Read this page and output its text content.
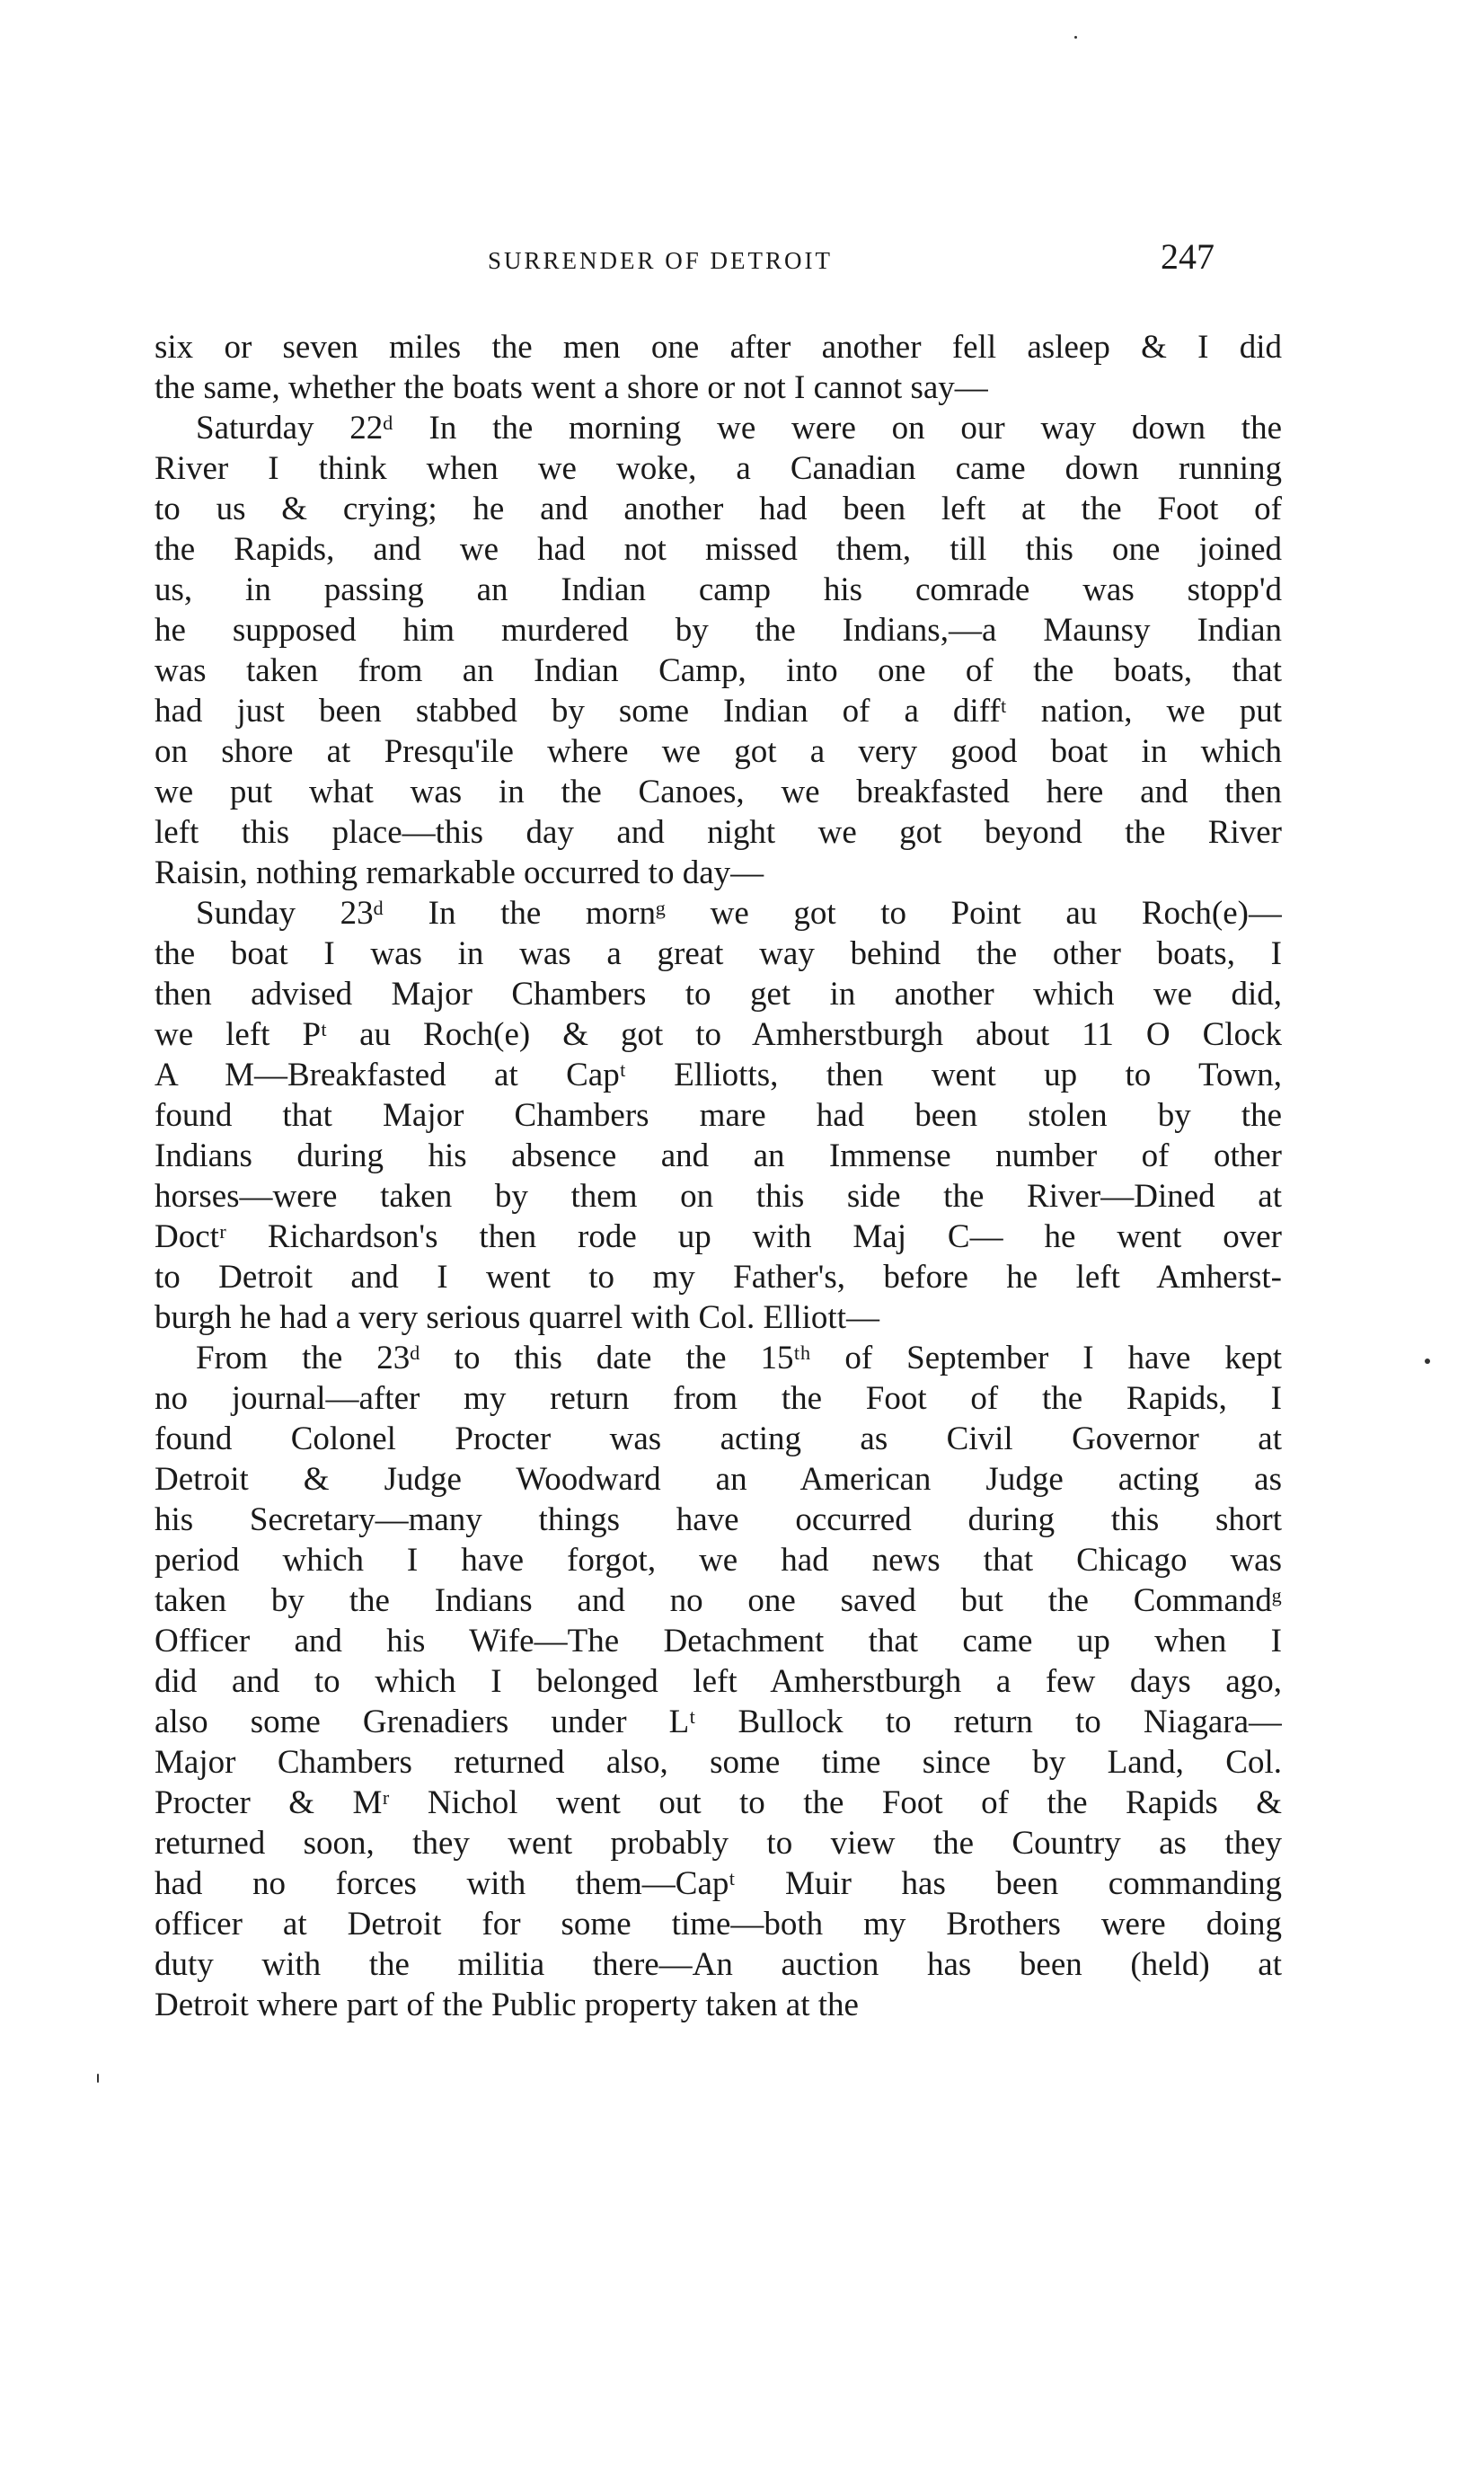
SURRENDER OF DETROIT	247
six or seven miles the men one after another fell asleep & I did
the same, whether the boats went a shore or not I cannot say—
Saturday 22ᵈ In the morning we were on our way down the
River I think when we woke, a Canadian came down running
to us & crying; he and another had been left at the Foot of
the Rapids, and we had not missed them, till this one joined
us, in passing an Indian camp his comrade was stopp'd
he supposed him murdered by the Indians,—a Maunsy Indian
was taken from an Indian Camp, into one of the boats, that
had just been stabbed by some Indian of a diffᵗ nation, we put
on shore at Presqu'ile where we got a very good boat in which
we put what was in the Canoes, we breakfasted here and then
left this place—this day and night we got beyond the River
Raisin, nothing remarkable occurred to day—
Sunday 23ᵈ In the mornᵍ we got to Point au Roch(e)—
the boat I was in was a great way behind the other boats, I
then advised Major Chambers to get in another which we did,
we left Pᵗ au Roch(e) & got to Amherstburgh about 11 O Clock
A M—Breakfasted at Capᵗ Elliotts, then went up to Town,
found that Major Chambers mare had been stolen by the
Indians during his absence and an Immense number of other
horses—were taken by them on this side the River—Dined at
Doctʳ Richardson's then rode up with Maj C— he went over
to Detroit and I went to my Father's, before he left Amherst-
burgh he had a very serious quarrel with Col. Elliott—
From the 23ᵈ to this date the 15ᵗʰ of September I have kept
no journal—after my return from the Foot of the Rapids, I
found Colonel Procter was acting as Civil Governor at
Detroit & Judge Woodward an American Judge acting as
his Secretary—many things have occurred during this short
period which I have forgot, we had news that Chicago was
taken by the Indians and no one saved but the Commandᵍ
Officer and his Wife—The Detachment that came up when I
did and to which I belonged left Amherstburgh a few days ago,
also some Grenadiers under Lᵗ Bullock to return to Niagara—
Major Chambers returned also, some time since by Land, Col.
Procter & Mʳ Nichol went out to the Foot of the Rapids &
returned soon, they went probably to view the Country as they
had no forces with them—Capᵗ Muir has been commanding
officer at Detroit for some time—both my Brothers were doing
duty with the militia there—An auction has been (held) at
Detroit where part of the Public property taken at the
